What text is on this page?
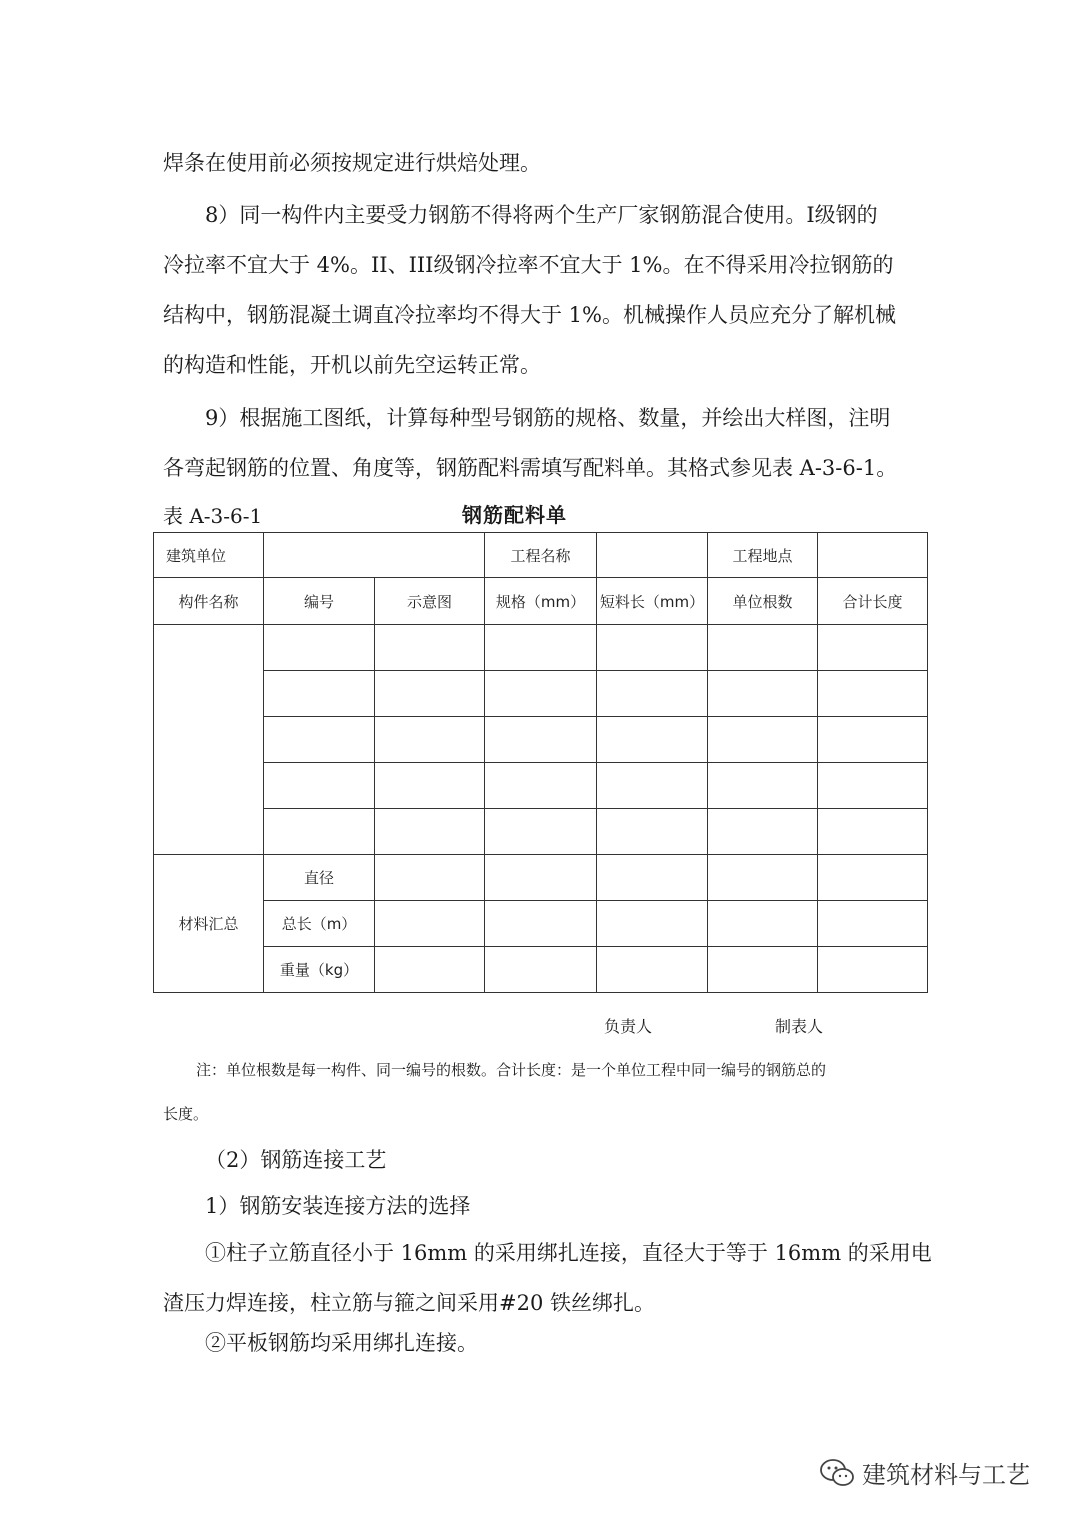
焊条在使用前必须按规定进行烘焙处理。

8）同一构件内主要受力钢筋不得将两个生产厂家钢筋混合使用。I级钢的
冷拉率不宜大于 4%。II、III级钢冷拉率不宜大于 1%。在不得采用冷拉钢筋的
结构中，钢筋混凝土调直冷拉率均不得大于 1%。机械操作人员应充分了解机械
的构造和性能，开机以前先空运转正常。
9）根据施工图纸，计算每种型号钢筋的规格、数量，并绘出大样图，注明
各弯起钢筋的位置、角度等，钢筋配料需填写配料单。其格式参见表 A-3-6-1。
表 A-3-6-1	钢筋配料单
建筑单位			工程名称		工程地点	
构件名称	编号	示意图	规格（mm）	短料长（mm）	单位根数	合计长度

材料汇总	直径					
	总长（m）					
	重量（kg）					
负责人	制表人
注：单位根数是每一构件、同一编号的根数。合计长度：是一个单位工程中同一编号的钢筋总的
长度。

（2）钢筋连接工艺

1）钢筋安装连接方法的选择

①柱子立筋直径小于 16mm 的采用绑扎连接，直径大于等于 16mm 的采用电
渣压力焊连接，柱立筋与箍之间采用#20 铁丝绑扎。

②平板钢筋均采用绑扎连接。

建筑材料与工艺
